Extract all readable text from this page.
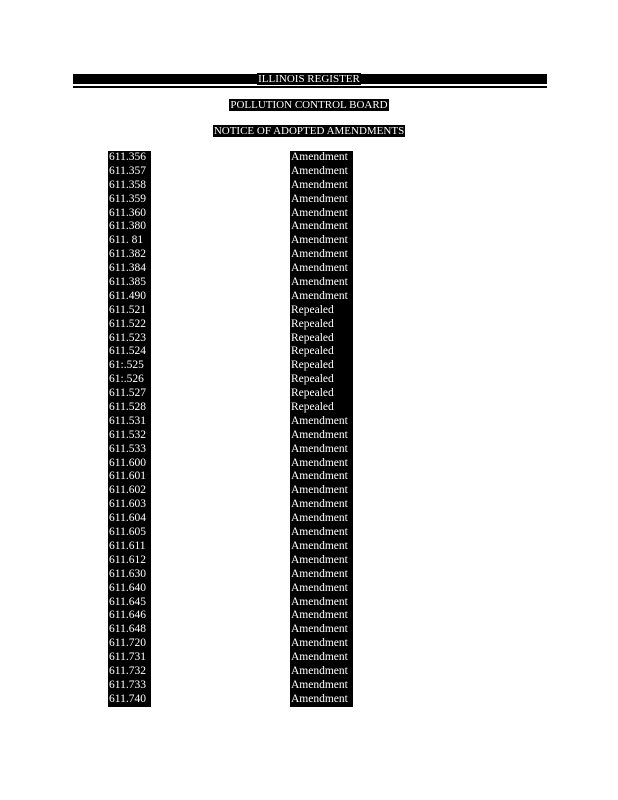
ILLINOIS REGISTER
POLLUTION CONTROL BOARD
NOTICE OF ADOPTED AMENDMENTS
611.356	Amendment
611.357	Amendment
611.358	Amendment
611.359	Amendment
611.360	Amendment
611.380	Amendment
611. 81	Amendment
611.382	Amendment
611.384	Amendment
611.385	Amendment
611.490	Amendment
611.521	Repealed
611.522	Repealed
611.523	Repealed
611.524	Repealed
61:.525	Repealed
61:.526	Repealed
611.527	Repealed
611.528	Repealed
611.531	Amendment
611.532	Amendment
611.533	Amendment
611.600	Amendment
611.601	Amendment
611.602	Amendment
611.603	Amendment
611.604	Amendment
611.605	Amendment
611.611	Amendment
611.612	Amendment
611.630	Amendment
611.640	Amendment
611.645	Amendment
611.646	Amendment
611.648	Amendment
611.720	Amendment
611.731	Amendment
611.732	Amendment
611.733	Amendment
611.740	Amendment
